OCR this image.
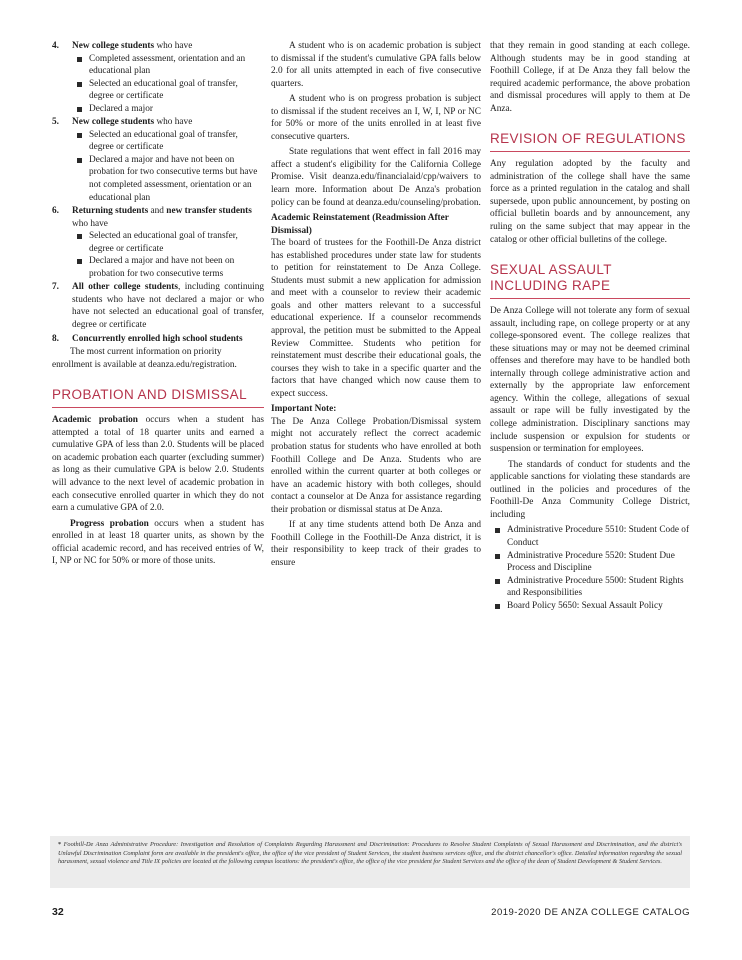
4. New college students who have
Completed assessment, orientation and an educational plan
Selected an educational goal of transfer, degree or certificate
Declared a major
5. New college students who have
Selected an educational goal of transfer, degree or certificate
Declared a major and have not been on probation for two consecutive terms but have not completed assessment, orientation or an educational plan
6. Returning students and new transfer students who have
Selected an educational goal of transfer, degree or certificate
Declared a major and have not been on probation for two consecutive terms
7. All other college students, including continuing students who have not declared a major or who have not selected an educational goal of transfer, degree or certificate
8. Concurrently enrolled high school students

The most current information on priority enrollment is available at deanza.edu/registration.

PROBATION AND DISMISSAL

Academic probation occurs when a student has attempted a total of 18 quarter units and earned a cumulative GPA of less than 2.0. Students will be placed on academic probation each quarter (excluding summer) as long as their cumulative GPA is below 2.0. Students will advance to the next level of academic probation in each consecutive enrolled quarter in which they do not earn a cumulative GPA of 2.0.

Progress probation occurs when a student has enrolled in at least 18 quarter units, as shown by the official academic record, and has received entries of W, I, NP or NC for 50% or more of those units.

A student who is on academic probation is subject to dismissal if the student's cumulative GPA falls below 2.0 for all units attempted in each of five consecutive quarters.

A student who is on progress probation is subject to dismissal if the student receives an I, W, I, NP or NC for 50% or more of the units enrolled in at least five consecutive quarters.

State regulations that went effect in fall 2016 may affect a student's eligibility for the California College Promise. Visit deanza.edu/financialaid/cpp/waivers to learn more. Information about De Anza's probation policy can be found at deanza.edu/counseling/probation.

Academic Reinstatement (Readmission After Dismissal)

The board of trustees for the Foothill-De Anza district has established procedures under state law for students to petition for reinstatement to De Anza College. Students must submit a new application for admission and meet with a counselor to review their academic goals and other matters relevant to a successful educational experience. If a counselor recommends approval, the petition must be submitted to the Appeal Review Committee. Students who petition for reinstatement must describe their educational goals, the courses they wish to take in a specific quarter and the factors that have changed which now cause them to expect success.

Important Note:

The De Anza College Probation/Dismissal system might not accurately reflect the correct academic probation status for students who have enrolled at both Foothill College and De Anza. Students who are enrolled within the current quarter at both colleges or have an academic history with both colleges, should contact a counselor at De Anza for assistance regarding their probation or dismissal status at De Anza.

If at any time students attend both De Anza and Foothill College in the Foothill-De Anza district, it is their responsibility to keep track of their grades to ensure

that they remain in good standing at each college. Although students may be in good standing at Foothill College, if at De Anza they fall below the required academic performance, the above probation and dismissal procedures will apply to them at De Anza.

REVISION OF REGULATIONS

Any regulation adopted by the faculty and administration of the college shall have the same force as a printed regulation in the catalog and shall supersede, upon public announcement, by posting on official bulletin boards and by announcement, any ruling on the same subject that may appear in the catalog or other official bulletins of the college.

SEXUAL ASSAULT INCLUDING RAPE

De Anza College will not tolerate any form of sexual assault, including rape, on college property or at any college-sponsored event. The college realizes that these situations may or may not be deemed criminal offenses and therefore may have to be handled both internally through college administrative action and externally by the appropriate law enforcement agency. Within the college, allegations of sexual assault or rape will be fully investigated by the college administration. Disciplinary sanctions may include suspension or expulsion for students or suspension or termination for employees.

The standards of conduct for students and the applicable sanctions for violating these standards are outlined in the policies and procedures of the Foothill-De Anza Community College District, including

Administrative Procedure 5510: Student Code of Conduct
Administrative Procedure 5520: Student Due Process and Discipline
Administrative Procedure 5500: Student Rights and Responsibilities
Board Policy 5650: Sexual Assault Policy
* Foothill-De Anza Administrative Procedure: Investigation and Resolution of Complaints Regarding Harassment and Discrimination: Procedures to Resolve Student Complaints of Sexual Harassment and Discrimination, and the district's Unlawful Discrimination Complaint form are available in the president's office, the office of the vice president of Student Services, the student business services office, and the district chancellor's office. Detailed information regarding the sexual harassment, sexual violence and Title IX policies are located at the following campus locations: the president's office, the office of the vice president for Student Services and the office of the dean of Student Development & Student Services.
32	2019-2020 DE ANZA COLLEGE CATALOG
